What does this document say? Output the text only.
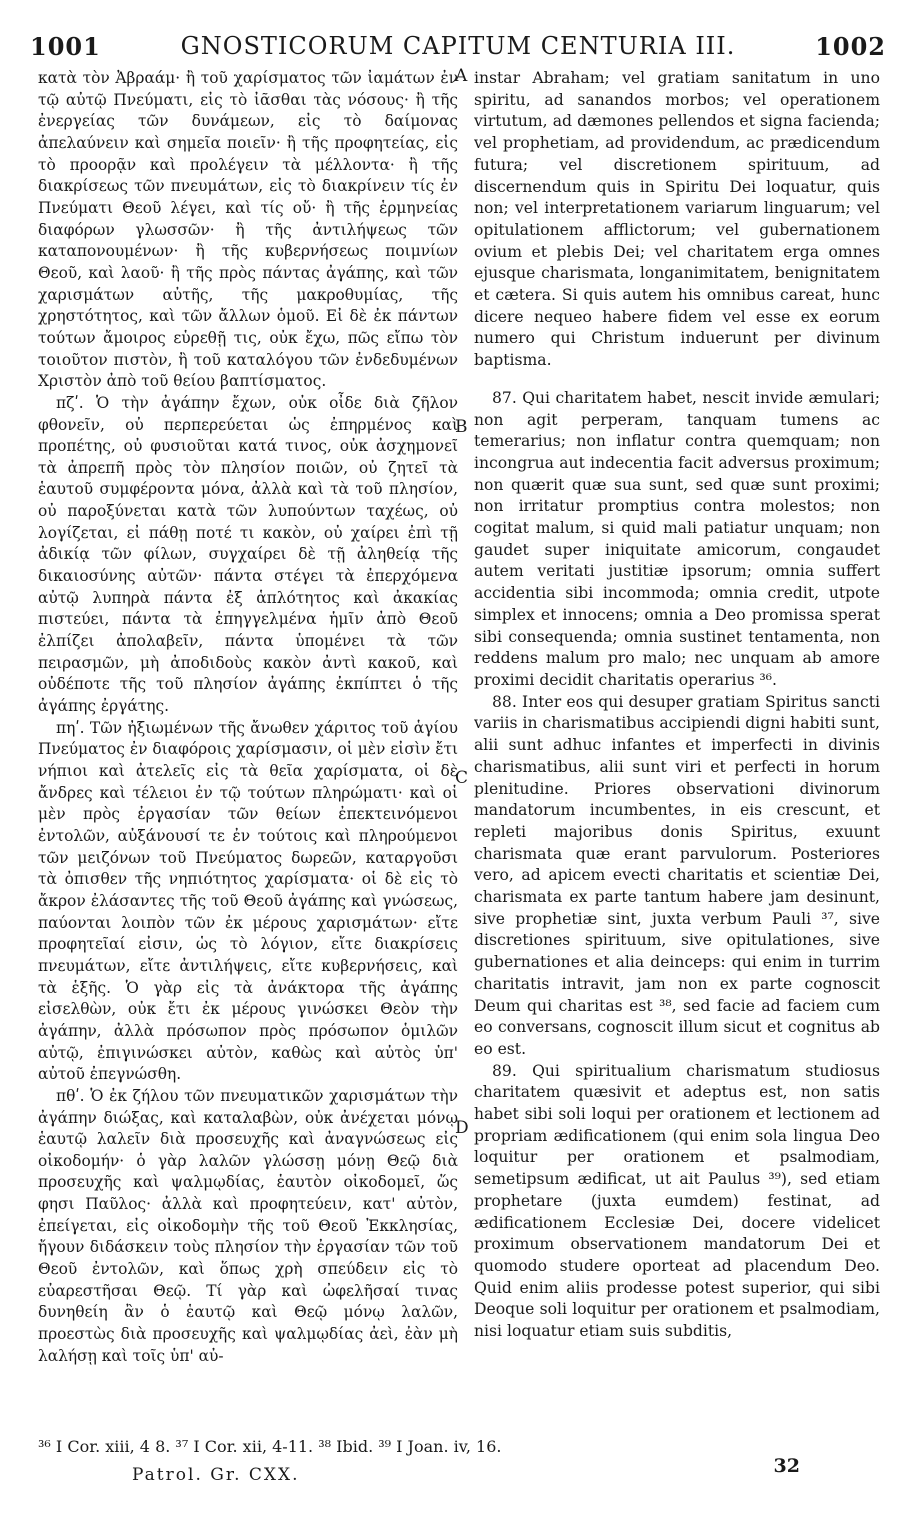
1001	GNOSTICORUM CAPITUM CENTURIA III.	1002
A
B
C
D

κατὰ τὸν Ἀβραάμ· ἢ τοῦ χαρίσματος τῶν ἰαμάτων ἐν τῷ αὐτῷ Πνεύματι, εἰς τὸ ἰᾶσθαι τὰς νόσους· ἢ τῆς ἐνεργείας τῶν δυνάμεων, εἰς τὸ δαίμονας ἀπελαύνειν καὶ σημεῖα ποιεῖν· ἢ τῆς προφητείας, εἰς τὸ προορᾷν καὶ προλέγειν τὰ μέλλοντα· ἢ τῆς διακρίσεως τῶν πνευμάτων, εἰς τὸ διακρίνειν τίς ἐν Πνεύματι Θεοῦ λέγει, καὶ τίς οὔ· ἢ τῆς ἑρμηνείας διαφόρων γλωσσῶν· ἢ τῆς ἀντιλήψεως τῶν καταπονουμένων· ἢ τῆς κυβερνήσεως ποιμνίων Θεοῦ, καὶ λαοῦ· ἢ τῆς πρὸς πάντας ἀγάπης, καὶ τῶν χαρισμάτων αὐτῆς, τῆς μακροθυμίας, τῆς χρηστότητος, καὶ τῶν ἄλλων ὁμοῦ. Εἰ δὲ ἐκ πάντων τούτων ἄμοιρος εὑρεθῇ τις, οὐκ ἔχω, πῶς εἴπω τὸν τοιοῦτον πιστὸν, ἢ τοῦ καταλόγου τῶν ἐνδεδυμένων Χριστὸν ἀπὸ τοῦ θείου βαπτίσματος.

πζʹ. Ὁ τὴν ἀγάπην ἔχων, οὐκ οἶδε διὰ ζῆλον φθονεῖν, οὐ περπερεύεται ὡς ἐπηρμένος καὶ προπέτης, οὐ φυσιοῦται κατά τινος, οὐκ ἀσχημονεῖ τὰ ἀπρεπῆ πρὸς τὸν πλησίον ποιῶν, οὐ ζητεῖ τὰ ἑαυτοῦ συμφέροντα μόνα, ἀλλὰ καὶ τὰ τοῦ πλησίον, οὐ παροξύνεται κατὰ τῶν λυπούντων ταχέως, οὐ λογίζεται, εἰ πάθῃ ποτέ τι κακὸν, οὐ χαίρει ἐπὶ τῇ ἀδικίᾳ τῶν φίλων, συγχαίρει δὲ τῇ ἀληθείᾳ τῆς δικαιοσύνης αὐτῶν· πάντα στέγει τὰ ἐπερχόμενα αὐτῷ λυπηρὰ πάντα ἐξ ἁπλότητος καὶ ἀκακίας πιστεύει, πάντα τὰ ἐπηγγελμένα ἡμῖν ἀπὸ Θεοῦ ἐλπίζει ἀπολαβεῖν, πάντα ὑπομένει τὰ τῶν πειρασμῶν, μὴ ἀποδιδοὺς κακὸν ἀντὶ κακοῦ, καὶ οὐδέποτε τῆς τοῦ πλησίον ἀγάπης ἐκπίπτει ὁ τῆς ἀγάπης ἐργάτης.

πηʹ. Τῶν ἠξιωμένων τῆς ἄνωθεν χάριτος τοῦ ἁγίου Πνεύματος ἐν διαφόροις χαρίσμασιν, οἱ μὲν εἰσὶν ἔτι νήπιοι καὶ ἀτελεῖς εἰς τὰ θεῖα χαρίσματα, οἱ δὲ ἄνδρες καὶ τέλειοι ἐν τῷ τούτων πληρώματι· καὶ οἱ μὲν πρὸς ἐργασίαν τῶν θείων ἐπεκτεινόμενοι ἐντολῶν, αὐξάνουσί τε ἐν τούτοις καὶ πληρούμενοι τῶν μειζόνων τοῦ Πνεύματος δωρεῶν, καταργοῦσι τὰ ὀπισθεν τῆς νηπιότητος χαρίσματα· οἱ δὲ εἰς τὸ ἄκρον ἐλάσαντες τῆς τοῦ Θεοῦ ἀγάπης καὶ γνώσεως, παύονται λοιπὸν τῶν ἐκ μέρους χαρισμάτων· εἴτε προφητεῖαί εἰσιν, ὡς τὸ λόγιον, εἴτε διακρίσεις πνευμάτων, εἴτε ἀντιλήψεις, εἴτε κυβερνήσεις, καὶ τὰ ἑξῆς. Ὁ γὰρ εἰς τὰ ἀνάκτορα τῆς ἀγάπης εἰσελθὼν, οὐκ ἔτι ἐκ μέρους γινώσκει Θεὸν τὴν ἀγάπην, ἀλλὰ πρόσωπον πρὸς πρόσωπον ὁμιλῶν αὐτῷ, ἐπιγινώσκει αὐτὸν, καθὼς καὶ αὐτὸς ὑπ' αὐτοῦ ἐπεγνώσθη.

πθʹ. Ὁ ἐκ ζήλου τῶν πνευματικῶν χαρισμάτων τὴν ἀγάπην διώξας, καὶ καταλαβὼν, οὐκ ἀνέχεται μόνῳ ἑαυτῷ λαλεῖν διὰ προσευχῆς καὶ ἀναγνώσεως εἰς οἰκοδομήν· ὁ γὰρ λαλῶν γλώσσῃ μόνῃ Θεῷ διὰ προσευχῆς καὶ ψαλμῳδίας, ἑαυτὸν οἰκοδομεῖ, ὥς φησι Παῦλος· ἀλλὰ καὶ προφητεύειν, κατ' αὐτὸν, ἐπείγεται, εἰς οἰκοδομὴν τῆς τοῦ Θεοῦ Ἐκκλησίας, ἤγουν διδάσκειν τοὺς πλησίον τὴν ἐργασίαν τῶν τοῦ Θεοῦ ἐντολῶν, καὶ ὅπως χρὴ σπεύδειν εἰς τὸ εὐαρεστῆσαι Θεῷ. Τί γὰρ καὶ ὠφελῆσαί τινας δυνηθείη ἂν ὁ ἑαυτῷ καὶ Θεῷ μόνῳ λαλῶν, προεστὼς διὰ προσευχῆς καὶ ψαλμῳδίας ἀεὶ, ἐὰν μὴ λαλήσῃ καὶ τοῖς ὑπ' αὐ-

instar Abraham; vel gratiam sanitatum in uno spiritu, ad sanandos morbos; vel operationem virtutum, ad dæmones pellendos et signa facienda; vel prophetiam, ad providendum, ac prædicendum futura; vel discretionem spirituum, ad discernendum quis in Spiritu Dei loquatur, quis non; vel interpretationem variarum linguarum; vel opitulationem afflictorum; vel gubernationem ovium et plebis Dei; vel charitatem erga omnes ejusque charismata, longanimitatem, benignitatem et cætera. Si quis autem his omnibus careat, hunc dicere nequeo habere fidem vel esse ex eorum numero qui Christum induerunt per divinum baptisma.

87. Qui charitatem habet, nescit invide æmulari; non agit perperam, tanquam tumens ac temerarius; non inflatur contra quemquam; non incongrua aut indecentia facit adversus proximum; non quærit quæ sua sunt, sed quæ sunt proximi; non irritatur promptius contra molestos; non cogitat malum, si quid mali patiatur unquam; non gaudet super iniquitate amicorum, congaudet autem veritati justitiæ ipsorum; omnia suffert accidentia sibi incommoda; omnia credit, utpote simplex et innocens; omnia a Deo promissa sperat sibi consequenda; omnia sustinet tentamenta, non reddens malum pro malo; nec unquam ab amore proximi decidit charitatis operarius ³⁶.

88. Inter eos qui desuper gratiam Spiritus sancti variis in charismatibus accipiendi digni habiti sunt, alii sunt adhuc infantes et imperfecti in divinis charismatibus, alii sunt viri et perfecti in horum plenitudine. Priores observationi divinorum mandatorum incumbentes, in eis crescunt, et repleti majoribus donis Spiritus, exuunt charismata quæ erant parvulorum. Posteriores vero, ad apicem evecti charitatis et scientiæ Dei, charismata ex parte tantum habere jam desinunt, sive prophetiæ sint, juxta verbum Pauli ³⁷, sive discretiones spirituum, sive opitulationes, sive gubernationes et alia deinceps: qui enim in turrim charitatis intravit, jam non ex parte cognoscit Deum qui charitas est ³⁸, sed facie ad faciem cum eo conversans, cognoscit illum sicut et cognitus ab eo est.

89. Qui spiritualium charismatum studiosus charitatem quæsivit et adeptus est, non satis habet sibi soli loqui per orationem et lectionem ad propriam ædificationem (qui enim sola lingua Deo loquitur per orationem et psalmodiam, semetipsum ædificat, ut ait Paulus ³⁹), sed etiam prophetare (juxta eumdem) festinat, ad ædificationem Ecclesiæ Dei, docere videlicet proximum observationem mandatorum Dei et quomodo studere oporteat ad placendum Deo. Quid enim aliis prodesse potest superior, qui sibi Deoque soli loquitur per orationem et psalmodiam, nisi loquatur etiam suis subditis,

³⁶ I Cor. xiii, 4 8. ³⁷ I Cor. xii, 4-11. ³⁸ Ibid. ³⁹ I Joan. iv, 16.
Patrol. Gr. CXX.	32
